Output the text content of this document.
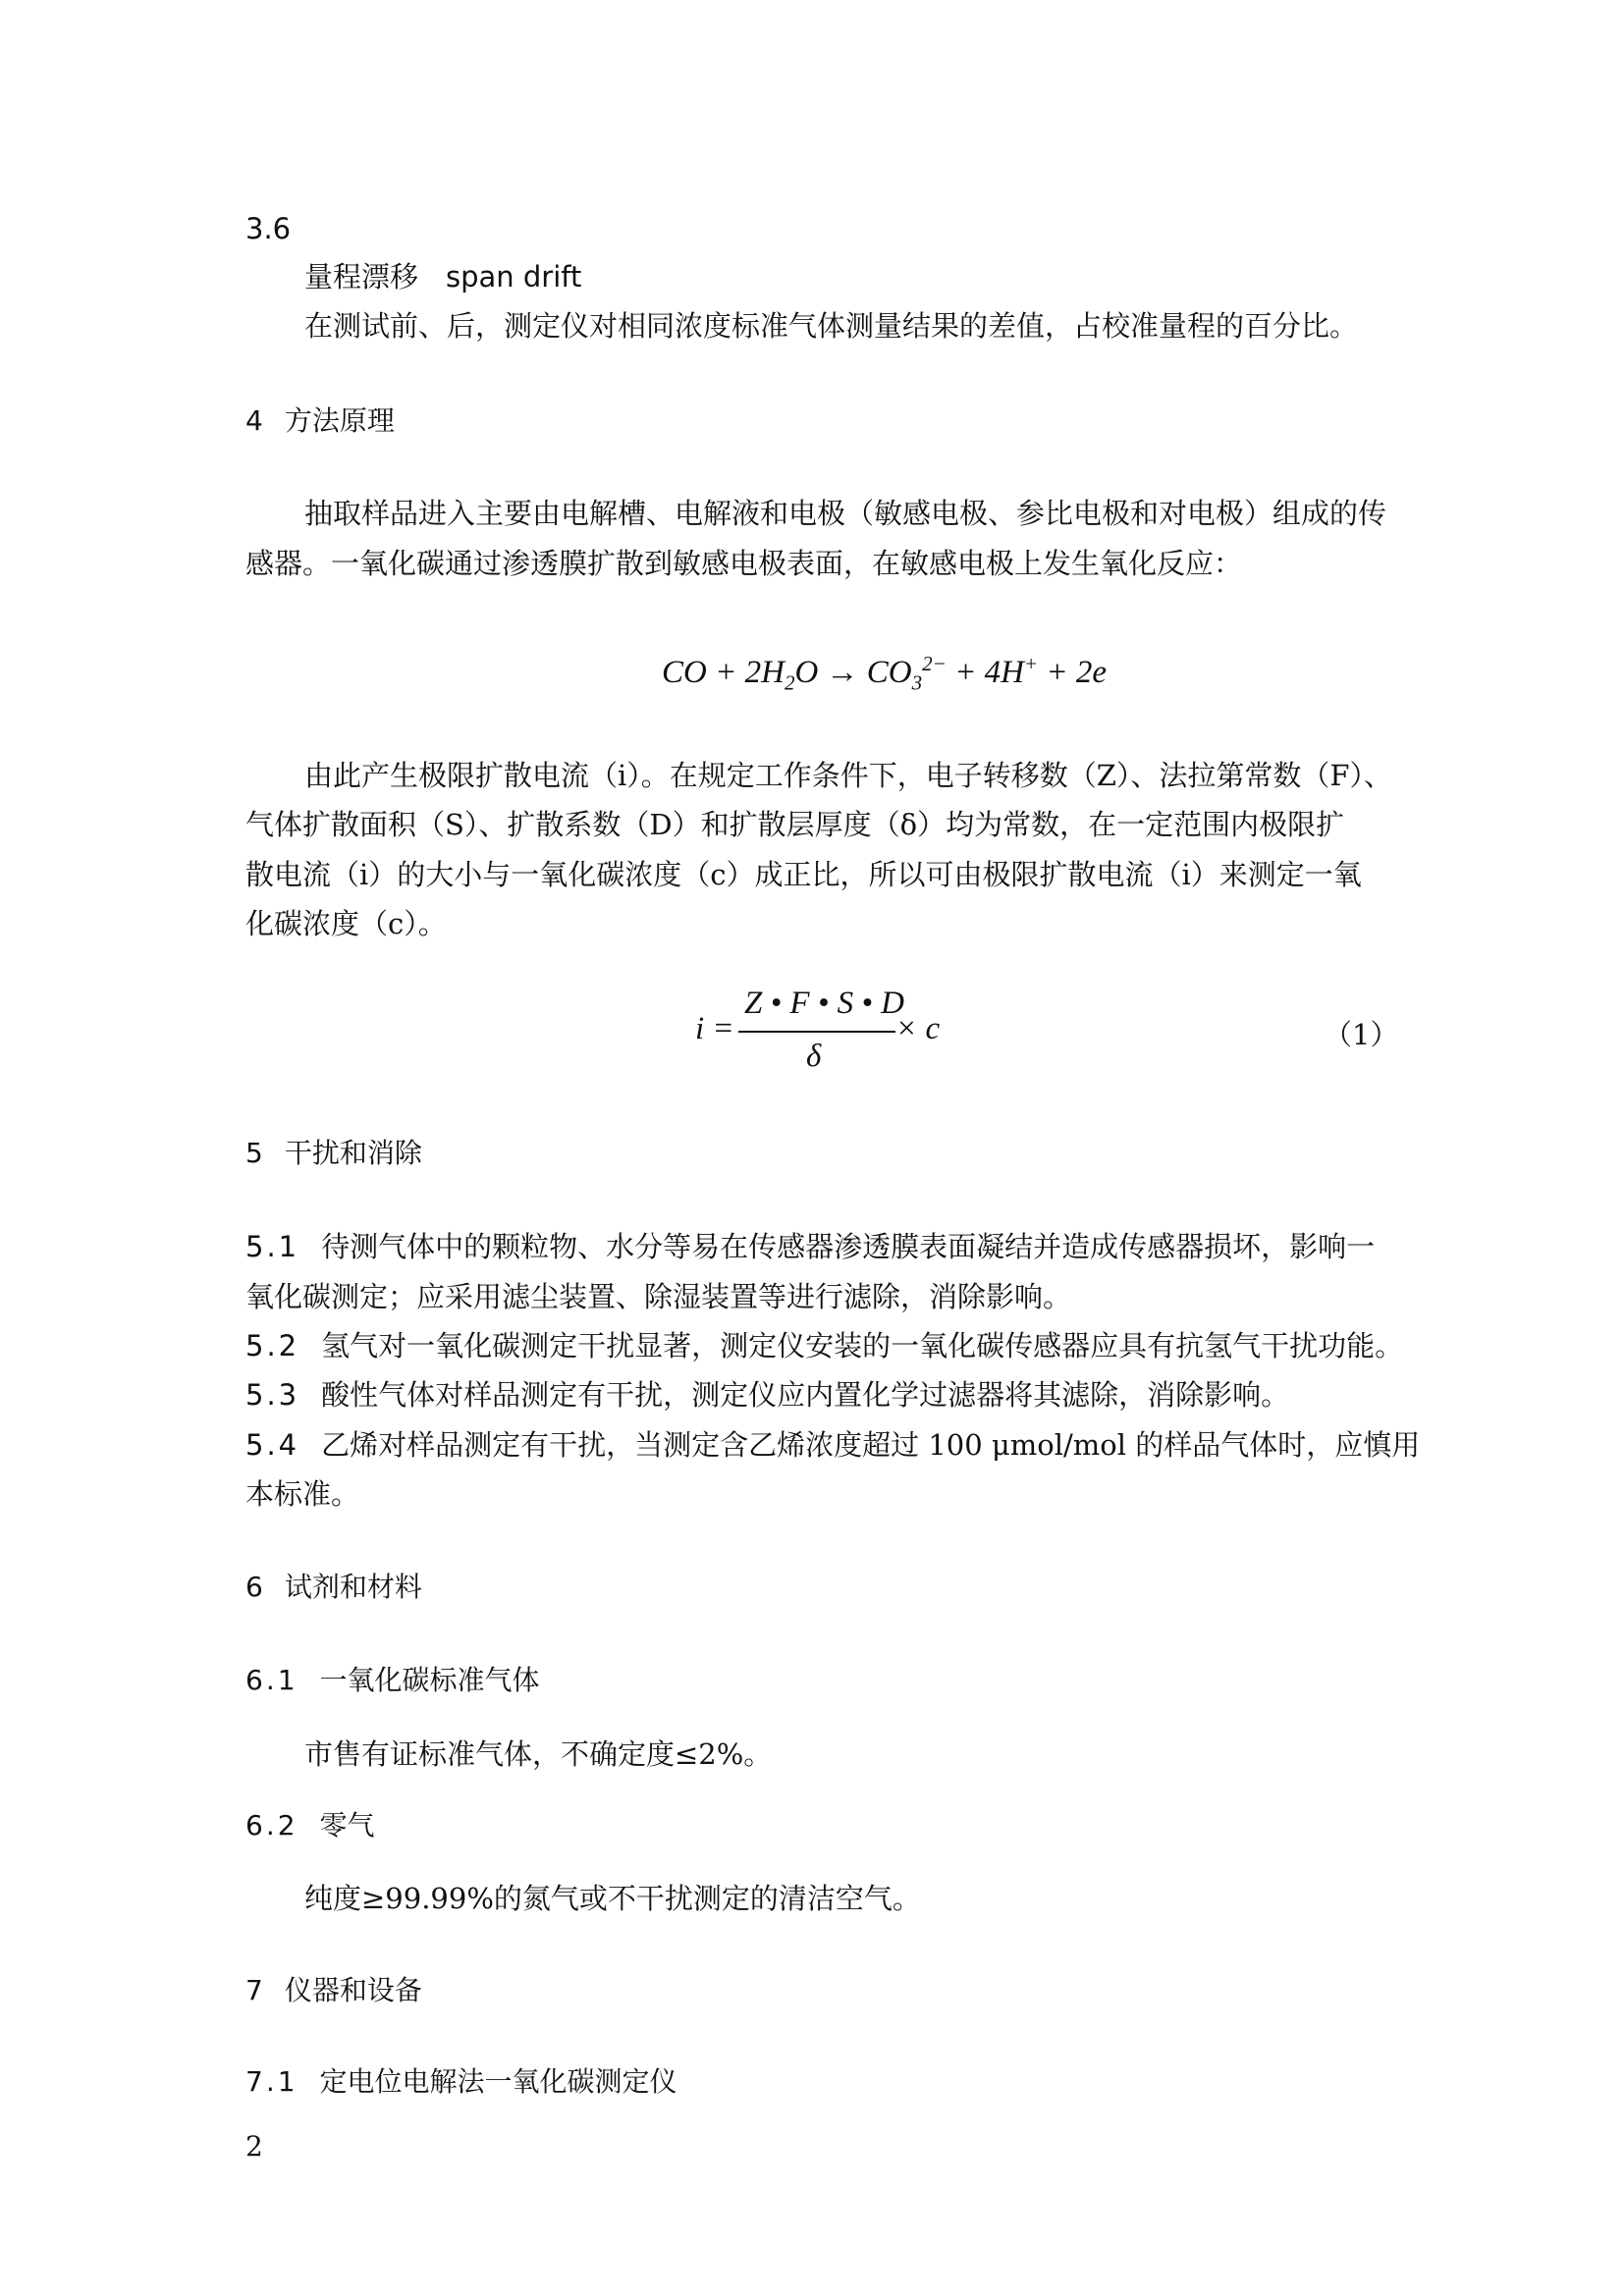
3.6
量程漂移 span drift
在测试前、后，测定仪对相同浓度标准气体测量结果的差值，占校准量程的百分比。
4 方法原理
抽取样品进入主要由电解槽、电解液和电极（敏感电极、参比电极和对电极）组成的传
感器。一氧化碳通过渗透膜扩散到敏感电极表面，在敏感电极上发生氧化反应：
CO + $2H_2O \to CO_3^{2-} + 4H^+ + 2e$
由此产生极限扩散电流（i）。在规定工作条件下，电子转移数（Z）、法拉第常数（F）、
气体扩散面积（S）、扩散系数（D）和扩散层厚度（δ）均为常数，在一定范围内极限扩
散电流（i）的大小与一氧化碳浓度（c）成正比，所以可由极限扩散电流（i）来测定一氧
化碳浓度（c）。
i =
Z • F • S • D
δ
× c	（1）
5 干扰和消除
5.1 待测气体中的颗粒物、水分等易在传感器渗透膜表面凝结并造成传感器损坏，影响一
氧化碳测定；应采用滤尘装置、除湿装置等进行滤除，消除影响。
5.2 氢气对一氧化碳测定干扰显著，测定仪安装的一氧化碳传感器应具有抗氢气干扰功能。
5.3 酸性气体对样品测定有干扰，测定仪应内置化学过滤器将其滤除，消除影响。
5.4 乙烯对样品测定有干扰，当测定含乙烯浓度超过 100 μmol/mol 的样品气体时，应慎用
本标准。
6 试剂和材料
6.1 一氧化碳标准气体
市售有证标准气体，不确定度≤2%。
6.2 零气
纯度≥99.99%的氮气或不干扰测定的清洁空气。
7 仪器和设备
7.1 定电位电解法一氧化碳测定仪
2
